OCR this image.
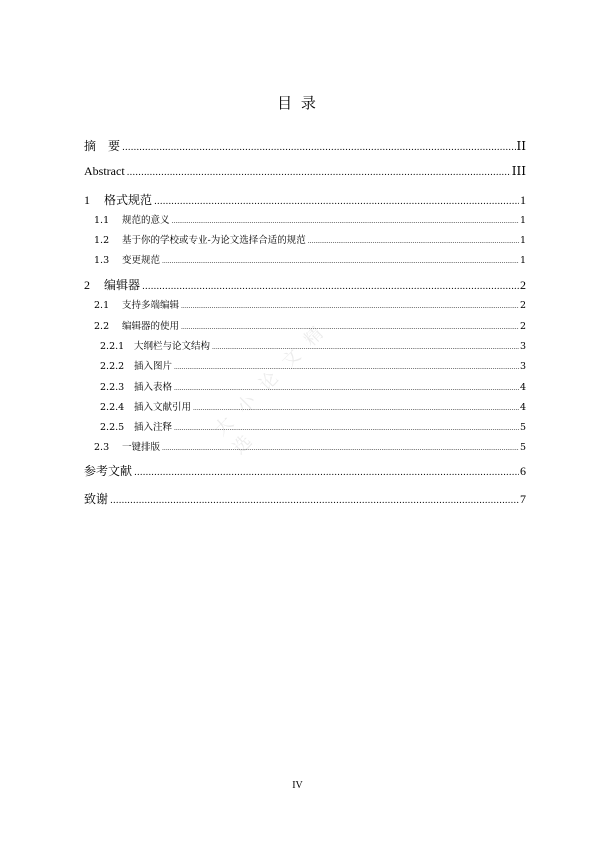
目 录
摘　要 .....	II
Abstract .....	III
1	格式规范 .....	1
1.1	规范的意义 .....	1
1.2	基于你的学校或专业-为论文选择合适的规范 .....	1
1.3	变更规范 .....	1
2	编辑器 .....	2
2.1	支持多端编辑 .....	2
2.2	编辑器的使用 .....	2
2.2.1	大纲栏与论文结构 .....	3
2.2.2	插入图片 .....	3
2.2.3	插入表格 .....	4
2.2.4	插入文献引用 .....	4
2.2.5	插入注释 .....	5
2.3	一键排版 .....	5
参考文献 .....	6
致谢 .....	7
大 小 论 文 精 选
IV
